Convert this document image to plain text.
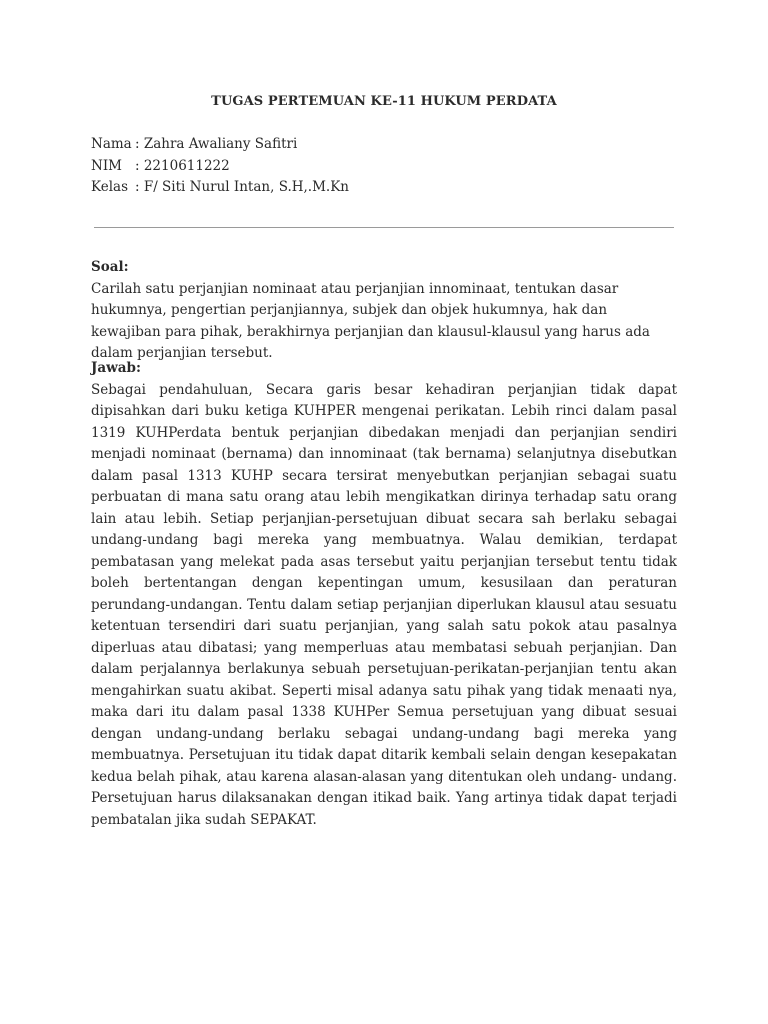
TUGAS PERTEMUAN KE-11 HUKUM PERDATA
Nama : Zahra Awaliany Safitri
NIM : 2210611222
Kelas : F/ Siti Nurul Intan, S.H,.M.Kn
Soal:

Carilah satu perjanjian nominaat atau perjanjian innominaat, tentukan dasar hukumnya, pengertian perjanjiannya, subjek dan objek hukumnya, hak dan kewajiban para pihak, berakhirnya perjanjian dan klausul-klausul yang harus ada dalam perjanjian tersebut.

Jawab:

Sebagai pendahuluan, Secara garis besar kehadiran perjanjian tidak dapat dipisahkan dari buku ketiga KUHPER mengenai perikatan. Lebih rinci dalam pasal 1319 KUHPerdata bentuk perjanjian dibedakan menjadi dan perjanjian sendiri menjadi nominaat (bernama) dan innominaat (tak bernama) selanjutnya disebutkan dalam pasal 1313 KUHP secara tersirat menyebutkan perjanjian sebagai suatu perbuatan di mana satu orang atau lebih mengikatkan dirinya terhadap satu orang lain atau lebih. Setiap perjanjian-persetujuan dibuat secara sah berlaku sebagai undang-undang bagi mereka yang membuatnya. Walau demikian, terdapat pembatasan yang melekat pada asas tersebut yaitu perjanjian tersebut tentu tidak boleh bertentangan dengan kepentingan umum, kesusilaan dan peraturan perundang-undangan. Tentu dalam setiap perjanjian diperlukan klausul atau sesuatu ketentuan tersendiri dari suatu perjanjian, yang salah satu pokok atau pasalnya diperluas atau dibatasi; yang memperluas atau membatasi sebuah perjanjian. Dan dalam perjalannya berlakunya sebuah persetujuan-perikatan-perjanjian tentu akan mengahirkan suatu akibat. Seperti misal adanya satu pihak yang tidak menaati nya, maka dari itu dalam pasal 1338 KUHPer Semua persetujuan yang dibuat sesuai dengan undang-undang berlaku sebagai undang-undang bagi mereka yang membuatnya. Persetujuan itu tidak dapat ditarik kembali selain dengan kesepakatan kedua belah pihak, atau karena alasan-alasan yang ditentukan oleh undang- undang. Persetujuan harus dilaksanakan dengan itikad baik. Yang artinya tidak dapat terjadi pembatalan jika sudah SEPAKAT.
